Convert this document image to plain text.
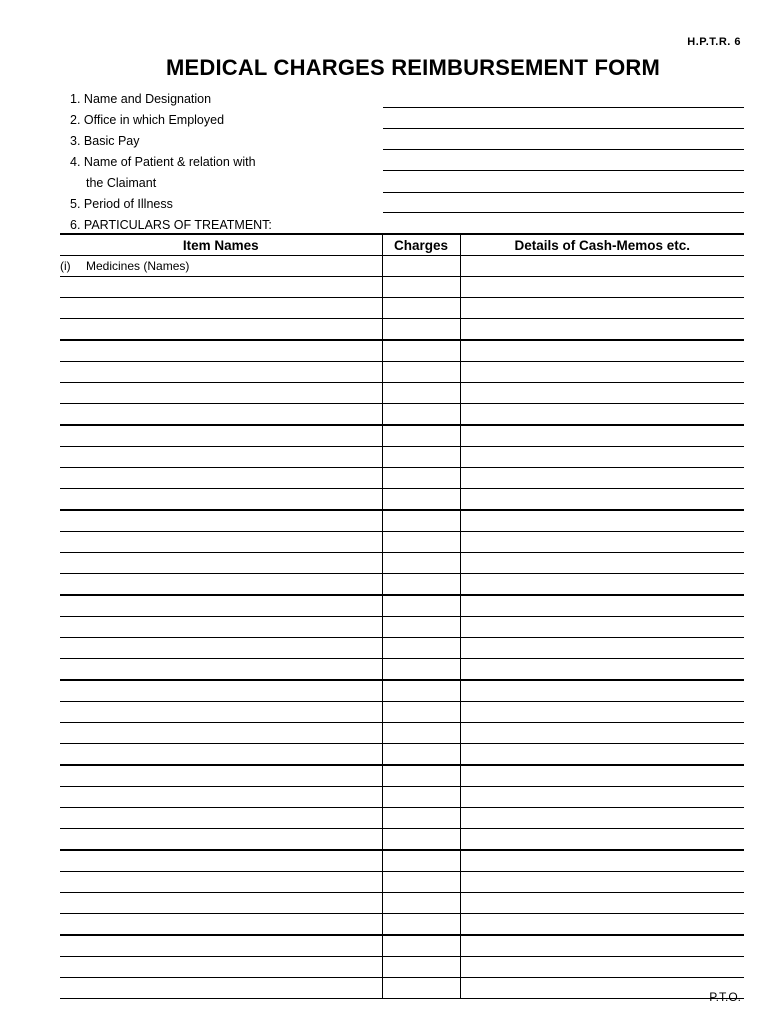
H.P.T.R. 6
MEDICAL CHARGES REIMBURSEMENT FORM
1. Name and Designation
2. Office in which Employed
3. Basic Pay
4. Name of Patient & relation with
the Claimant
5. Period of Illness
6. PARTICULARS OF TREATMENT:
Item Names	Charges	Details of Cash-Memos etc.
(i) Medicines (Names)		

P.T.O.
